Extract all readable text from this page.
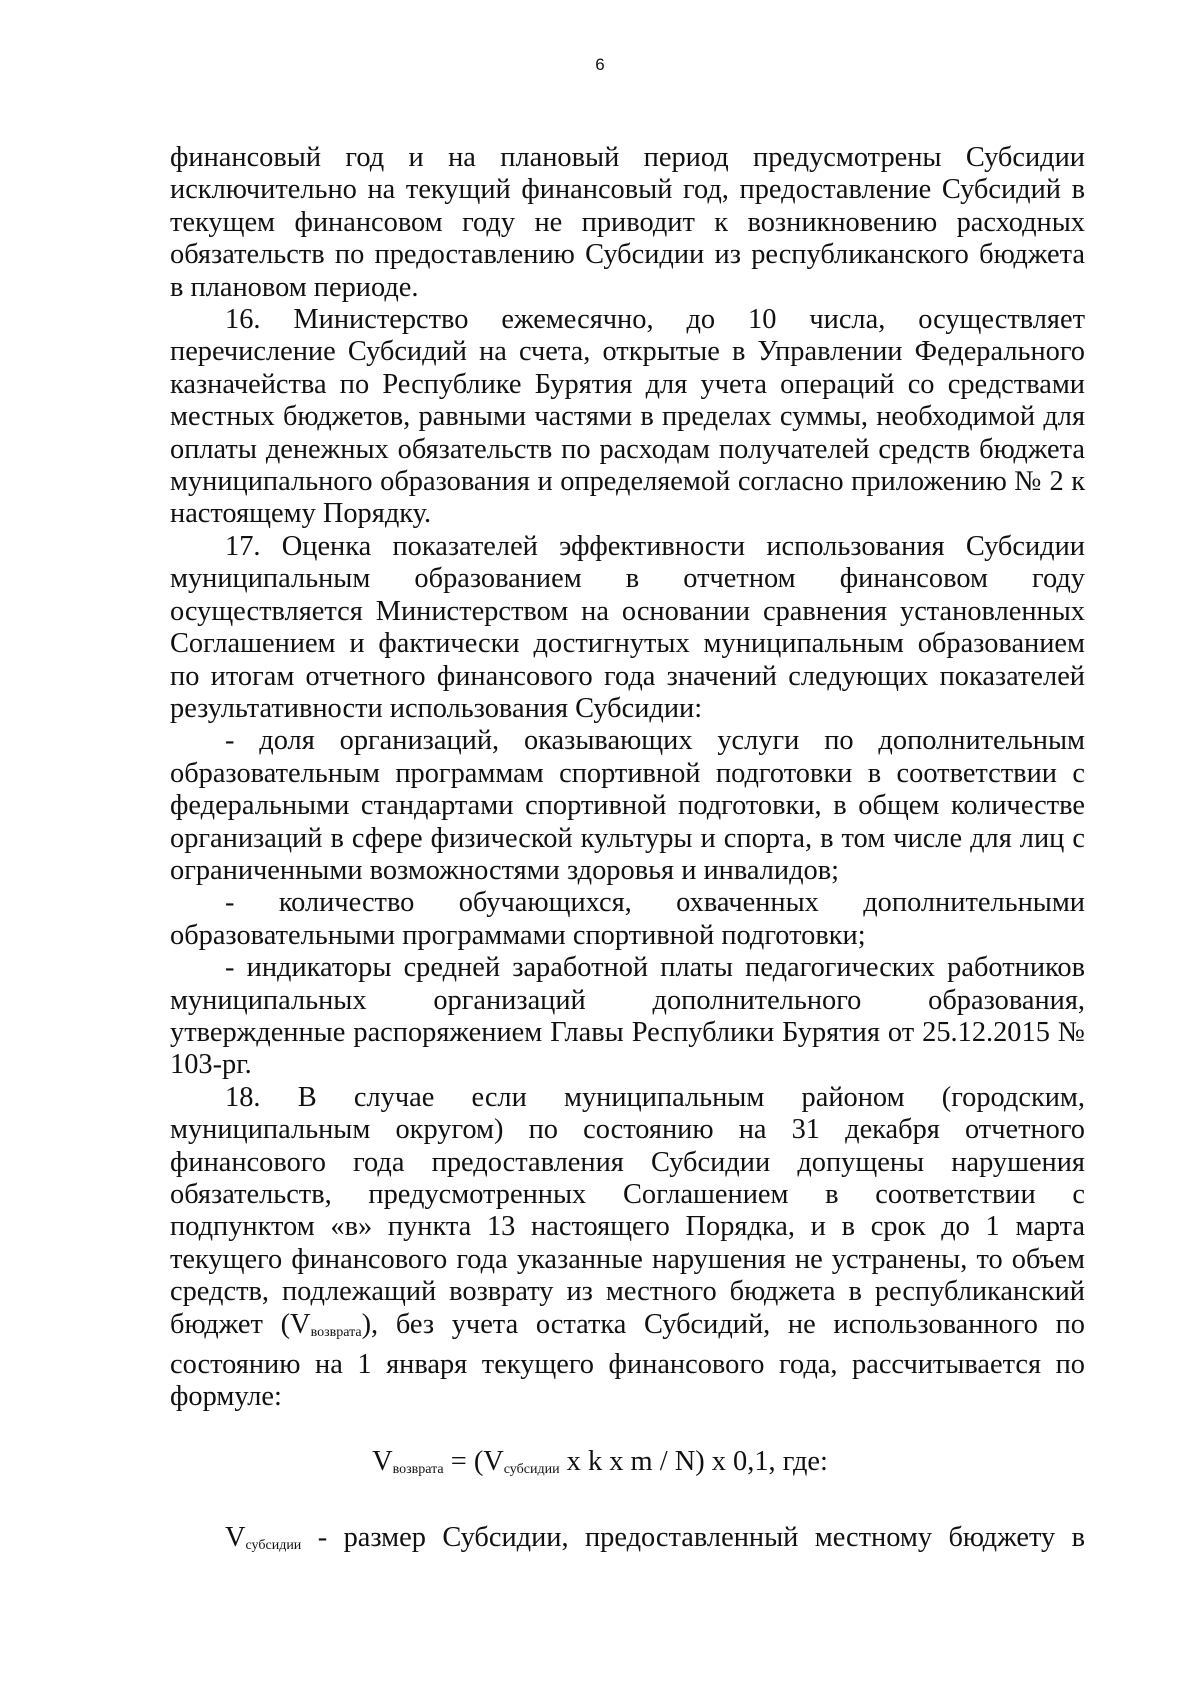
6

финансовый год и на плановый период предусмотрены Субсидии исключительно на текущий финансовый год, предоставление Субсидий в текущем финансовом году не приводит к возникновению расходных обязательств по предоставлению Субсидии из республиканского бюджета в плановом периоде.

16. Министерство ежемесячно, до 10 числа, осуществляет перечисление Субсидий на счета, открытые в Управлении Федерального казначейства по Республике Бурятия для учета операций со средствами местных бюджетов, равными частями в пределах суммы, необходимой для оплаты денежных обязательств по расходам получателей средств бюджета муниципального образования и определяемой согласно приложению № 2 к настоящему Порядку.

17. Оценка показателей эффективности использования Субсидии муниципальным образованием в отчетном финансовом году осуществляется Министерством на основании сравнения установленных Соглашением и фактически достигнутых муниципальным образованием по итогам отчетного финансового года значений следующих показателей результативности использования Субсидии:

- доля организаций, оказывающих услуги по дополнительным образовательным программам спортивной подготовки в соответствии с федеральными стандартами спортивной подготовки, в общем количестве организаций в сфере физической культуры и спорта, в том числе для лиц с ограниченными возможностями здоровья и инвалидов;

- количество обучающихся, охваченных дополнительными образовательными программами спортивной подготовки;

- индикаторы средней заработной платы педагогических работников муниципальных организаций дополнительного образования, утвержденные распоряжением Главы Республики Бурятия от 25.12.2015 № 103-рг.

18. В случае если муниципальным районом (городским, муниципальным округом) по состоянию на 31 декабря отчетного финансового года предоставления Субсидии допущены нарушения обязательств, предусмотренных Соглашением в соответствии с подпунктом «в» пункта 13 настоящего Порядка, и в срок до 1 марта текущего финансового года указанные нарушения не устранены, то объем средств, подлежащий возврату из местного бюджета в республиканский бюджет $(V_{возврата})$, без учета остатка Субсидий, не использованного по состоянию на 1 января текущего финансового года, рассчитывается по формуле:

$V_{возврата} = (V_{субсидии}$ x k x m / N) x 0,1, где:
$V_{субсидии}$ - размер Субсидии, предоставленный местному бюджету в
